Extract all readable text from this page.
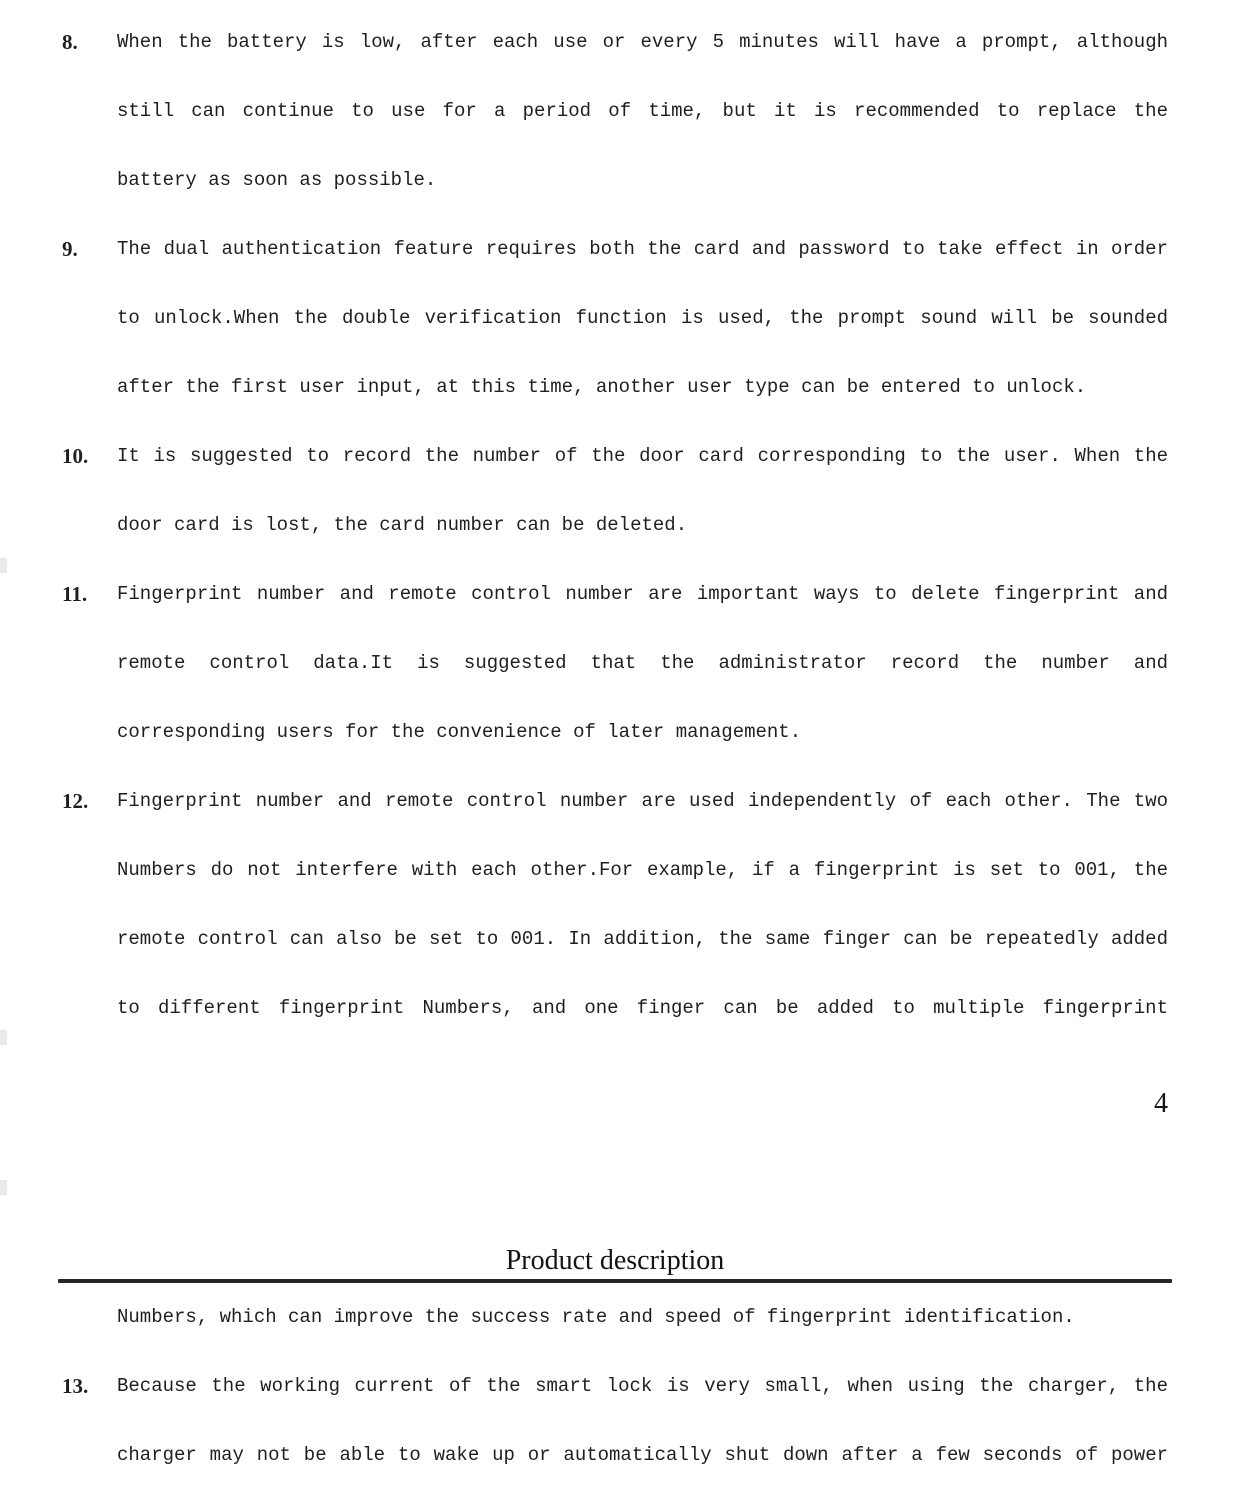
8. When the battery is low, after each use or every 5 minutes will have a prompt, although
still can continue to use for a period of time, but it is recommended to replace the
battery as soon as possible.
9. The dual authentication feature requires both the card and password to take effect in order
to unlock.When the double verification function is used, the prompt sound will be sounded
after the first user input, at this time, another user type can be entered to unlock.
10. It is suggested to record the number of the door card corresponding to the user. When the
door card is lost, the card number can be deleted.
11. Fingerprint number and remote control number are important ways to delete fingerprint and
remote control data.It is suggested that the administrator record the number and
corresponding users for the convenience of later management.
12. Fingerprint number and remote control number are used independently of each other. The two
Numbers do not interfere with each other.For example, if a fingerprint is set to 001, the
remote control can also be set to 001. In addition, the same finger can be repeatedly added
to different fingerprint Numbers, and one finger can be added to multiple fingerprint
4
Product description
Numbers, which can improve the success rate and speed of fingerprint identification.
13. Because the working current of the smart lock is very small, when using the charger, the
charger may not be able to wake up or automatically shut down after a few seconds of power
